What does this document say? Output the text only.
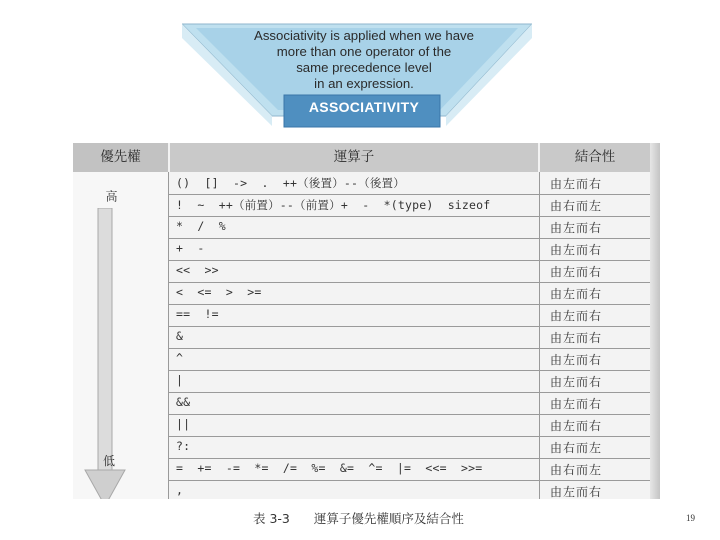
Associativity is applied when we have
more than one operator of the
same precedence level
in an expression.
ASSOCIATIVITY
優先權	運算子	結合性
高
低
()  []  ->  .  ++（後置）--（後置）	由左而右
!  ~  ++（前置）--（前置）+  -  *(type)  sizeof	由右而左
*  /  %	由左而右
+  -	由左而右
<<  >>	由左而右
<  <=  >  >=	由左而右
==  !=	由左而右
&	由左而右
^	由左而右
|	由左而右
&&	由左而右
||	由左而右
?:	由右而左
=  +=  -=  *=  /=  %=  &=  ^=  |=  <<=  >>=	由右而左
,	由左而右
表 3-3 運算子優先權順序及結合性	19
